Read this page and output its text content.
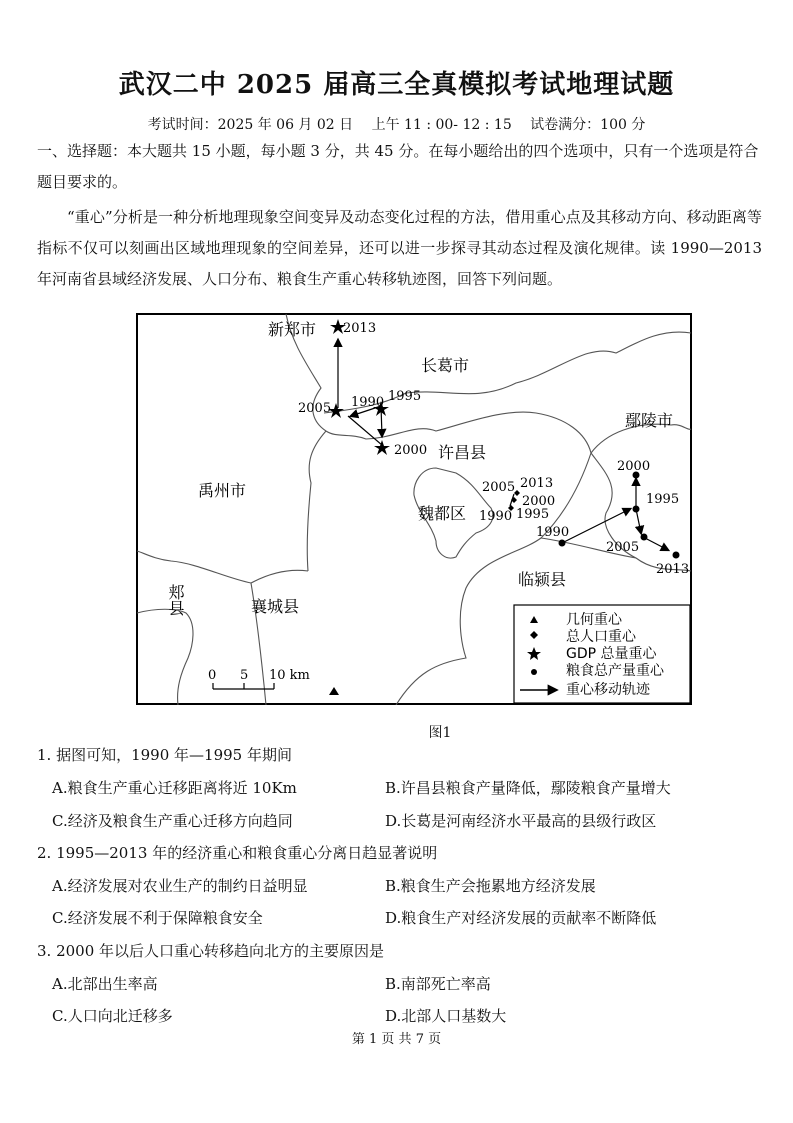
武汉二中 2025 届高三全真模拟考试地理试题
考试时间：2025 年 06 月 02 日　 上午 11 : 00- 12 : 15　 试卷满分：100 分
一、选择题：本大题共 15 小题，每小题 3 分，共 45 分。在每小题给出的四个选项中，只有一个选项是符合题目要求的。
“重心”分析是一种分析地理现象空间变异及动态变化过程的方法，借用重心点及其移动方向、移动距离等指标不仅可以刻画出区域地理现象的空间差异，还可以进一步探寻其动态过程及演化规律。读 1990—2013 年河南省县域经济发展、人口分布、粮食生产重心转移轨迹图，回答下列问题。
新郑市
长葛市
鄢陵市
许昌县
禹州市
魏都区
临颍县
襄城县
郏县
2013
2005 1990 1995
2000
2005 2013
2000
1990 1995
2000
1995
1990
2005
2013
0 5 10 km
几何重心
总人口重心
GDP 总量重心
粮食总产量重心
重心移动轨迹
图1
1. 据图可知，1990 年—1995 年期间
A.粮食生产重心迁移距离将近 10Km	B.许昌县粮食产量降低，鄢陵粮食产量增大
C.经济及粮食生产重心迁移方向趋同	D.长葛是河南经济水平最高的县级行政区
2. 1995—2013 年的经济重心和粮食重心分离日趋显著说明
A.经济发展对农业生产的制约日益明显	B.粮食生产会拖累地方经济发展
C.经济发展不利于保障粮食安全	D.粮食生产对经济发展的贡献率不断降低
3. 2000 年以后人口重心转移趋向北方的主要原因是
A.北部出生率高	B.南部死亡率高
C.人口向北迁移多	D.北部人口基数大
第 1 页 共 7 页
